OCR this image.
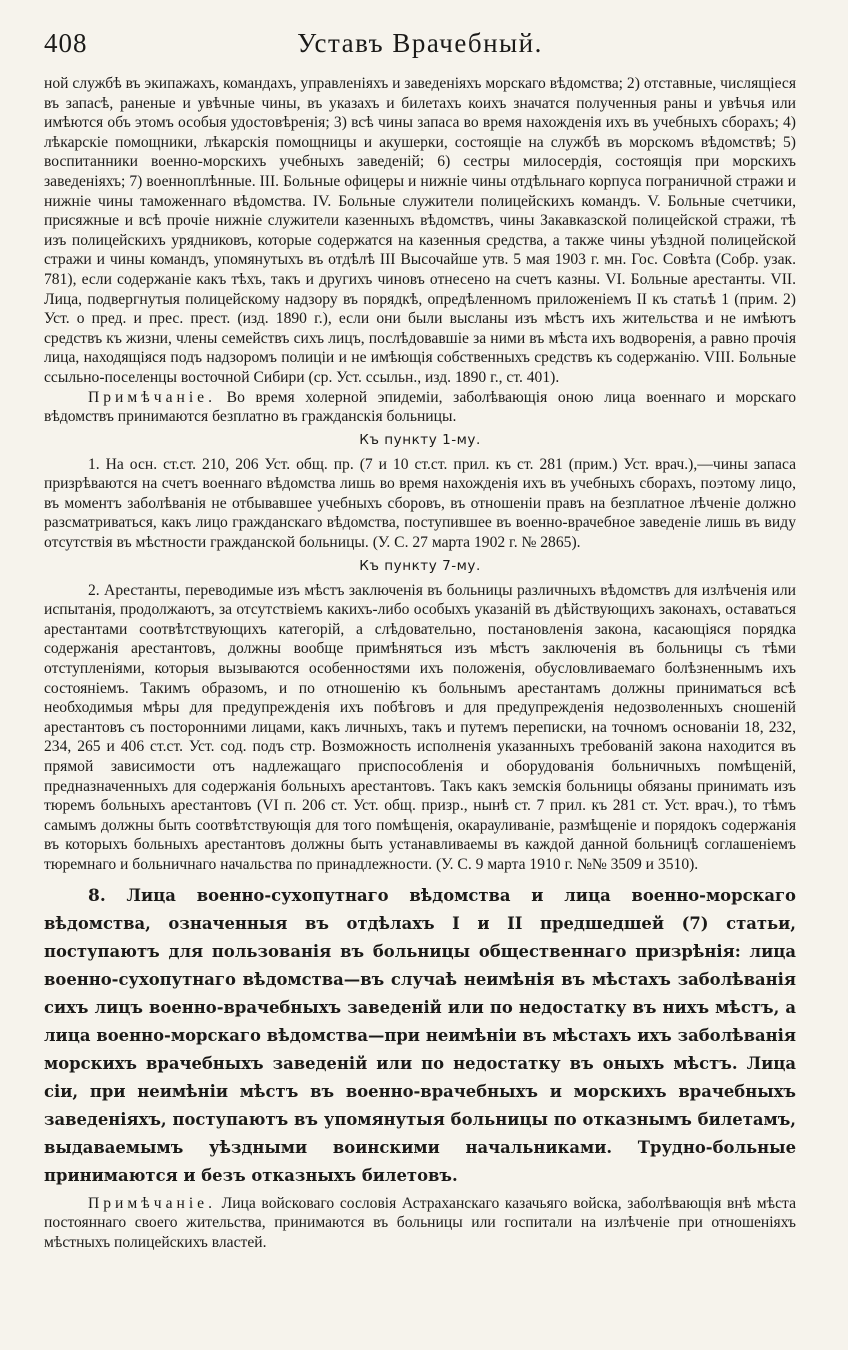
408	Уставъ Врачебный.

ной службѣ въ экипажахъ, командахъ, управленіяхъ и заведеніяхъ морскаго вѣдомства; 2) отставные, числящіеся въ запасѣ, раненые и увѣчные чины, въ указахъ и билетахъ коихъ значатся полученныя раны и увѣчья или имѣются объ этомъ особыя удостовѣренія; 3) всѣ чины запаса во время нахожденія ихъ въ учебныхъ сборахъ; 4) лѣкарскіе помощники, лѣкарскія помощницы и акушерки, состоящіе на службѣ въ морскомъ вѣдомствѣ; 5) воспитанники военно-морскихъ учебныхъ заведеній; 6) сестры милосердія, состоящія при морскихъ заведеніяхъ; 7) военноплѣнные. III. Больные офицеры и нижніе чины отдѣльнаго корпуса пограничной стражи и нижніе чины таможеннаго вѣдомства. IV. Больные служители полицейскихъ командъ. V. Больные счетчики, присяжные и всѣ прочіе нижніе служители казенныхъ вѣдомствъ, чины Закавказской полицейской стражи, тѣ изъ полицейскихъ урядниковъ, которые содержатся на казенныя средства, а также чины уѣздной полицейской стражи и чины командъ, упомянутыхъ въ отдѣлѣ III Высочайше утв. 5 мая 1903 г. мн. Гос. Совѣта (Собр. узак. 781), если содержаніе какъ тѣхъ, такъ и другихъ чиновъ отнесено на счетъ казны. VI. Больные арестанты. VII. Лица, подвергнутыя полицейскому надзору въ порядкѣ, опредѣленномъ приложеніемъ II къ статьѣ 1 (прим. 2) Уст. о пред. и прес. прест. (изд. 1890 г.), если они были высланы изъ мѣстъ ихъ жительства и не имѣютъ средствъ къ жизни, члены семействъ сихъ лицъ, послѣдовавшіе за ними въ мѣста ихъ водворенія, а равно прочія лица, находящіяся подъ надзоромъ полиціи и не имѣющія собственныхъ средствъ къ содержанію. VIII. Больные ссыльно-поселенцы восточной Сибири (ср. Уст. ссыльн., изд. 1890 г., ст. 401).

Примѣчаніе. Во время холерной эпидеміи, заболѣвающія оною лица военнаго и морскаго вѣдомствъ принимаются безплатно въ гражданскія больницы.

Къ пункту 1-му.

1. На осн. ст.ст. 210, 206 Уст. общ. пр. (7 и 10 ст.ст. прил. къ ст. 281 (прим.) Уст. врач.),—чины запаса призрѣваются на счетъ военнаго вѣдомства лишь во время нахожденія ихъ въ учебныхъ сборахъ, поэтому лицо, въ моментъ заболѣванія не отбывавшее учебныхъ сборовъ, въ отношеніи правъ на безплатное лѣченіе должно разсматриваться, какъ лицо гражданскаго вѣдомства, поступившее въ военно-врачебное заведеніе лишь въ виду отсутствія въ мѣстности гражданской больницы. (У. С. 27 марта 1902 г. № 2865).

Къ пункту 7-му.

2. Арестанты, переводимые изъ мѣстъ заключенія въ больницы различныхъ вѣдомствъ для излѣченія или испытанія, продолжаютъ, за отсутствіемъ какихъ-либо особыхъ указаній въ дѣйствующихъ законахъ, оставаться арестантами соотвѣтствующихъ категорій, а слѣдовательно, постановленія закона, касающіяся порядка содержанія арестантовъ, должны вообще примѣняться изъ мѣстъ заключенія въ больницы съ тѣми отступленіями, которыя вызываются особенностями ихъ положенія, обусловливаемаго болѣзненнымъ ихъ состояніемъ. Такимъ образомъ, и по отношенію къ больнымъ арестантамъ должны приниматься всѣ необходимыя мѣры для предупрежденія ихъ побѣговъ и для предупрежденія недозволенныхъ сношеній арестантовъ съ посторонними лицами, какъ личныхъ, такъ и путемъ переписки, на точномъ основаніи 18, 232, 234, 265 и 406 ст.ст. Уст. сод. подъ стр. Возможность исполненія указанныхъ требованій закона находится въ прямой зависимости отъ надлежащаго приспособленія и оборудованія больничныхъ помѣщеній, предназначенныхъ для содержанія больныхъ арестантовъ. Такъ какъ земскія больницы обязаны принимать изъ тюремъ больныхъ арестантовъ (VI п. 206 ст. Уст. общ. призр., нынѣ ст. 7 прил. къ 281 ст. Уст. врач.), то тѣмъ самымъ должны быть соотвѣтствующія для того помѣщенія, окарауливаніе, размѣщеніе и порядокъ содержанія въ которыхъ больныхъ арестантовъ должны быть устанавливаемы въ каждой данной больницѣ соглашеніемъ тюремнаго и больничнаго начальства по принадлежности. (У. С. 9 марта 1910 г. №№ 3509 и 3510).

8. Лица военно-сухопутнаго вѣдомства и лица военно-морскаго вѣдомства, означенныя въ отдѣлахъ I и II предшедшей (7) статьи, поступаютъ для пользованія въ больницы общественнаго призрѣнія: лица военно-сухопутнаго вѣдомства—въ случаѣ неимѣнія въ мѣстахъ заболѣванія сихъ лицъ военно-врачебныхъ заведеній или по недостатку въ нихъ мѣстъ, а лица военно-морскаго вѣдомства—при неимѣніи въ мѣстахъ ихъ заболѣванія морскихъ врачебныхъ заведеній или по недостатку въ оныхъ мѣстъ. Лица сіи, при неимѣніи мѣстъ въ военно-врачебныхъ и морскихъ врачебныхъ заведеніяхъ, поступаютъ въ упомянутыя больницы по отказнымъ билетамъ, выдаваемымъ уѣздными воинскими начальниками. Трудно-больные принимаются и безъ отказныхъ билетовъ.

Примѣчаніе. Лица войсковаго сословія Астраханскаго казачьяго войска, заболѣвающія внѣ мѣста постояннаго своего жительства, принимаются въ больницы или госпитали на излѣченіе при отношеніяхъ мѣстныхъ полицейскихъ властей.
